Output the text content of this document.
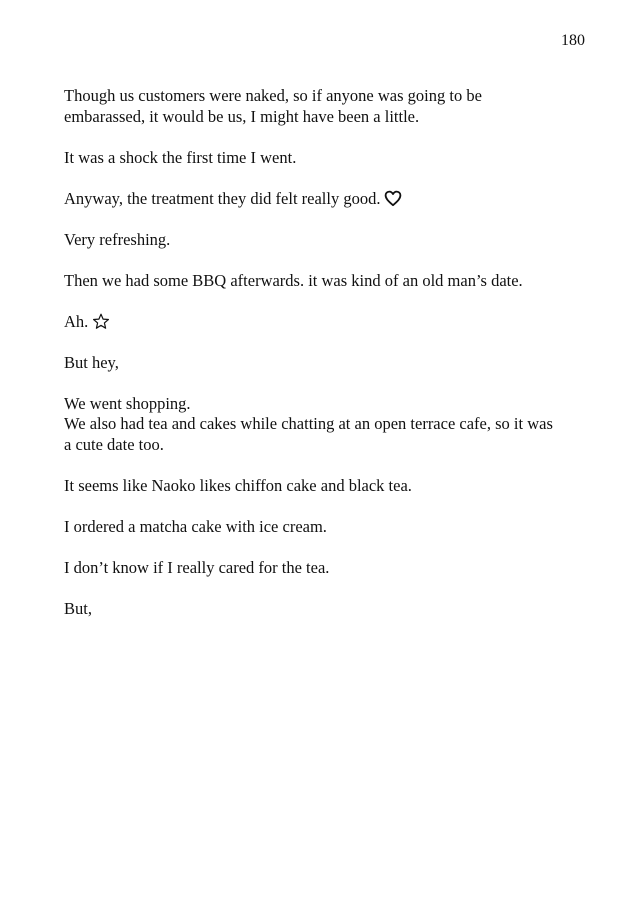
180

Though us customers were naked, so if anyone was going to be
embarassed, it would be us, I might have been a little.

It was a shock the first time I went.

Anyway, the treatment they did felt really good.

Very refreshing.

Then we had some BBQ afterwards. it was kind of an old man’s date.

Ah.

But hey,

We went shopping.
We also had tea and cakes while chatting at an open terrace cafe, so it was
a cute date too.

It seems like Naoko likes chiffon cake and black tea.

I ordered a matcha cake with ice cream.

I don’t know if I really cared for the tea.

But,
